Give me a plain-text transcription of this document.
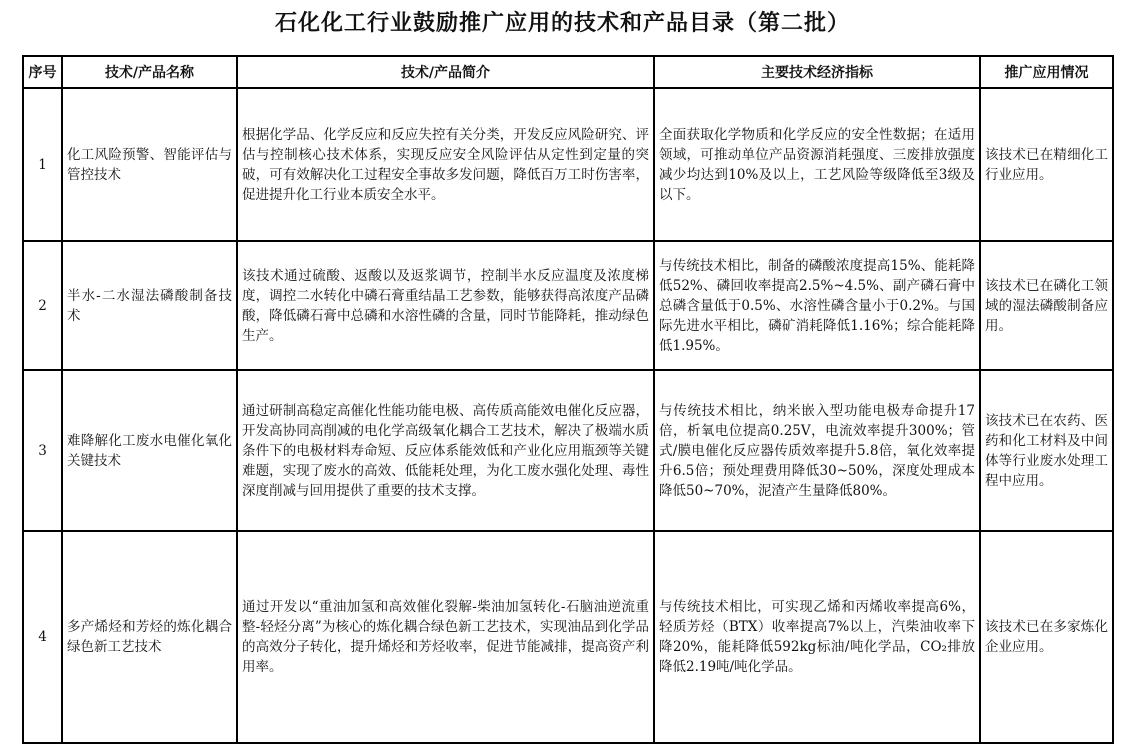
石化化工行业鼓励推广应用的技术和产品目录（第二批）
序号	技术/产品名称	技术/产品简介	主要技术经济指标	推广应用情况
1	化工风险预警、智能评估与管控技术	根据化学品、化学反应和反应失控有关分类，开发反应风险研究、评估与控制核心技术体系，实现反应安全风险评估从定性到定量的突破，可有效解决化工过程安全事故多发问题，降低百万工时伤害率，促进提升化工行业本质安全水平。	全面获取化学物质和化学反应的安全性数据；在适用领域，可推动单位产品资源消耗强度、三废排放强度减少均达到10%及以上，工艺风险等级降低至3级及以下。	该技术已在精细化工行业应用。
2	半水-二水湿法磷酸制备技术	该技术通过硫酸、返酸以及返浆调节，控制半水反应温度及浓度梯度，调控二水转化中磷石膏重结晶工艺参数，能够获得高浓度产品磷酸，降低磷石膏中总磷和水溶性磷的含量，同时节能降耗，推动绿色生产。	与传统技术相比，制备的磷酸浓度提高15%、能耗降低52%、磷回收率提高2.5%~4.5%、副产磷石膏中总磷含量低于0.5%、水溶性磷含量小于0.2%。与国际先进水平相比，磷矿消耗降低1.16%；综合能耗降低1.95%。	该技术已在磷化工领域的湿法磷酸制备应用。
3	难降解化工废水电催化氧化关键技术	通过研制高稳定高催化性能功能电极、高传质高能效电催化反应器，开发高协同高削减的电化学高级氧化耦合工艺技术，解决了极端水质条件下的电极材料寿命短、反应体系能效低和产业化应用瓶颈等关键难题，实现了废水的高效、低能耗处理，为化工废水强化处理、毒性深度削减与回用提供了重要的技术支撑。	与传统技术相比，纳米嵌入型功能电极寿命提升17倍，析氧电位提高0.25V，电流效率提升300%；管式/膜电催化反应器传质效率提升5.8倍，氧化效率提升6.5倍；预处理费用降低30~50%，深度处理成本降低50~70%，泥渣产生量降低80%。	该技术已在农药、医药和化工材料及中间体等行业废水处理工程中应用。
4	多产烯烃和芳烃的炼化耦合绿色新工艺技术	通过开发以“重油加氢和高效催化裂解-柴油加氢转化-石脑油逆流重整-轻烃分离”为核心的炼化耦合绿色新工艺技术，实现油品到化学品的高效分子转化，提升烯烃和芳烃收率，促进节能减排，提高资产利用率。	与传统技术相比，可实现乙烯和丙烯收率提高6%，轻质芳烃（BTX）收率提高7%以上，汽柴油收率下降20%，能耗降低592kg标油/吨化学品，CO₂排放降低2.19吨/吨化学品。	该技术已在多家炼化企业应用。
